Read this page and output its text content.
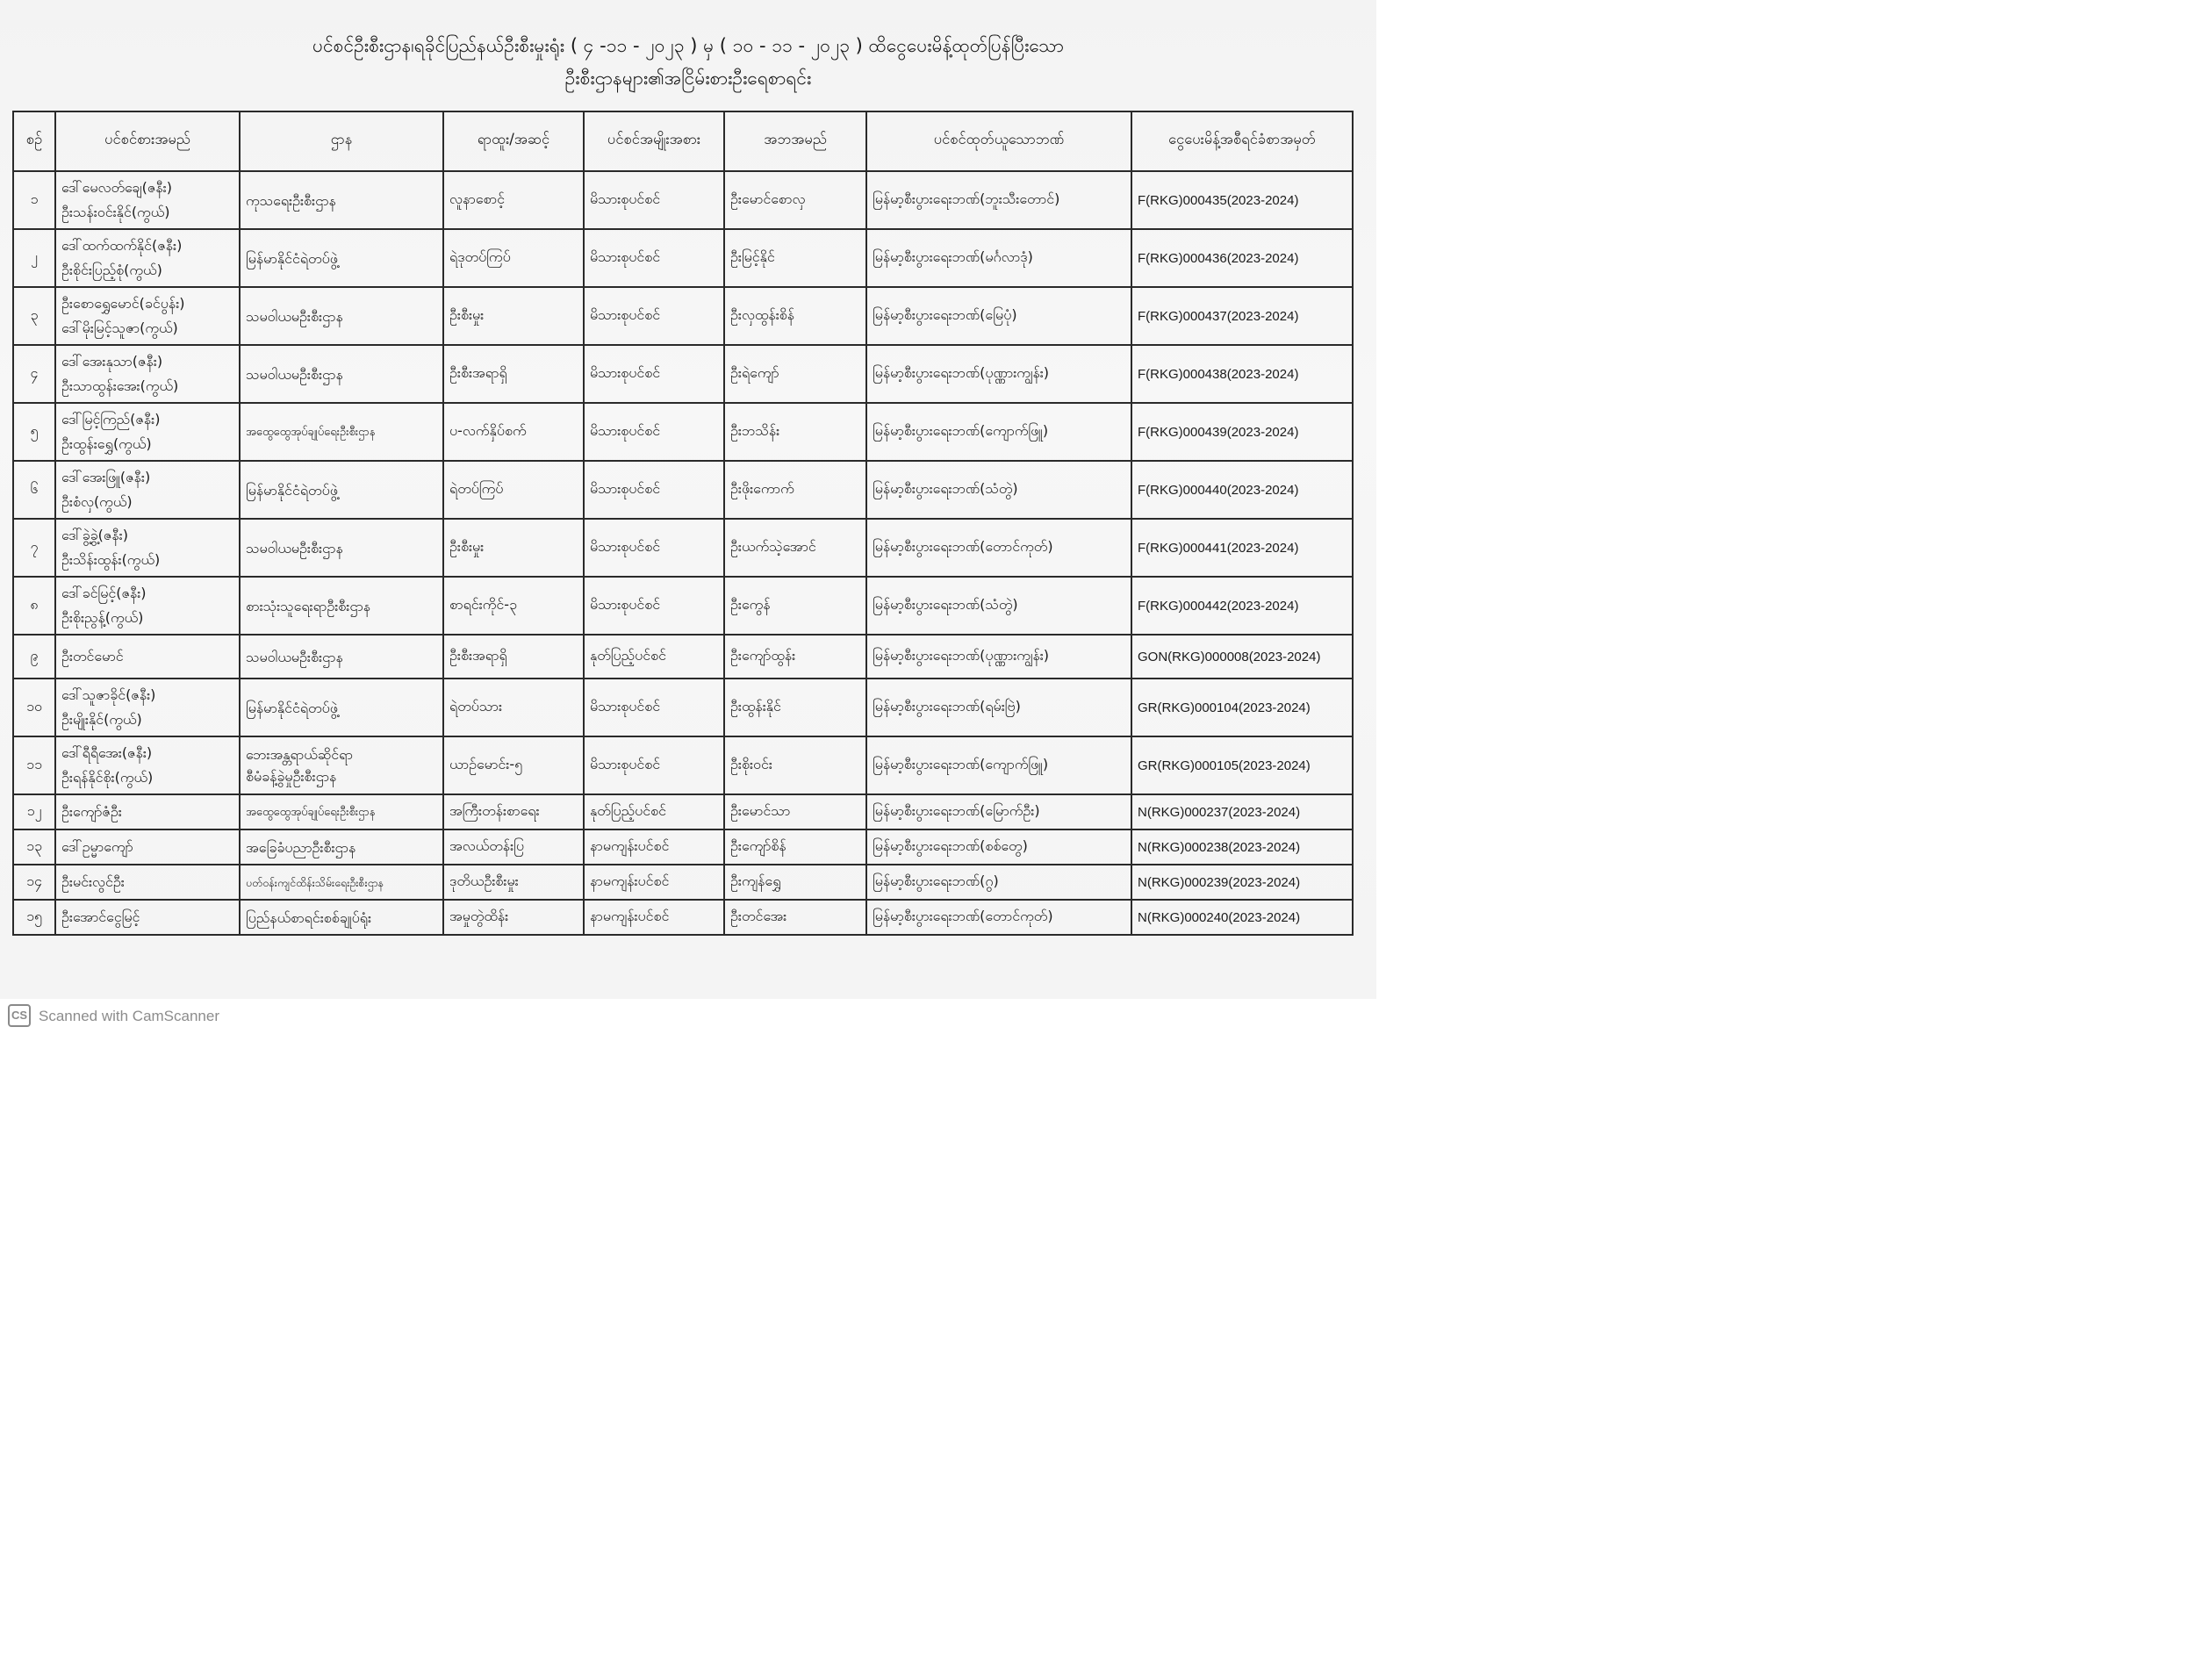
ပင်စင်ဦးစီးဌာန၊ရခိုင်ပြည်နယ်ဦးစီးမှုးရုံး ( ၄ -၁၁ - ၂၀၂၃ ) မှ ( ၁၀ - ၁၁ - ၂၀၂၃ ) ထိငွေပေးမိန့်ထုတ်ပြန်ပြီးသော
ဦးစီးဌာနများ၏အငြိမ်းစားဦးရေစာရင်း
စဉ်	ပင်စင်စားအမည်	ဌာန	ရာထူး/အဆင့်	ပင်စင်အမျိုးအစား	အဘအမည်	ပင်စင်ထုတ်ယူသောဘဏ်	ငွေပေးမိန့်အစီရင်ခံစာအမှတ်
၁	ဒေါ်မေလတ်ချေ(ဇနီး)
ဦးသန်းဝင်းနိုင်(ကွယ်)	ကုသရေးဦးစီးဌာန	လူနာစောင့်	မိသားစုပင်စင်	ဦးမောင်စောလှ	မြန်မာ့စီးပွားရေးဘဏ်(ဘူးသီးတောင်)	F(RKG)000435(2023-2024)
၂	ဒေါ်ထက်ထက်နိုင်(ဇနီး)
ဦးစိုင်းပြည့်စုံ(ကွယ်)	မြန်မာနိုင်ငံရဲတပ်ဖွဲ့	ရဲဒုတပ်ကြပ်	မိသားစုပင်စင်	ဦးမြင့်နိုင်	မြန်မာ့စီးပွားရေးဘဏ်(မင်္ဂလာဒုံ)	F(RKG)000436(2023-2024)
၃	ဦးစောရွှေမောင်(ခင်ပွန်း)
ဒေါ်မိုးမြင့်သူဇာ(ကွယ်)	သမဝါယမဦးစီးဌာန	ဦးစီးမှုး	မိသားစုပင်စင်	ဦးလှထွန်းစိန်	မြန်မာ့စီးပွားရေးဘဏ်(မြေပုံ)	F(RKG)000437(2023-2024)
၄	ဒေါ်အေးနုသာ(ဇနီး)
ဦးသာထွန်းအေး(ကွယ်)	သမဝါယမဦးစီးဌာန	ဦးစီးအရာရှိ	မိသားစုပင်စင်	ဦးရဲကျော်	မြန်မာ့စီးပွားရေးဘဏ်(ပုဏ္ဏားကျွန်း)	F(RKG)000438(2023-2024)
၅	ဒေါ်မြင့်ကြည်(ဇနီး)
ဦးထွန်းရွှေ(ကွယ်)	အထွေထွေအုပ်ချုပ်ရေးဦးစီးဌာန	ပ-လက်နှိပ်စက်	မိသားစုပင်စင်	ဦးဘသိန်း	မြန်မာ့စီးပွားရေးဘဏ်(ကျောက်ဖြူ)	F(RKG)000439(2023-2024)
၆	ဒေါ်အေးဖြူ(ဇနီး)
ဦးစံလှ(ကွယ်)	မြန်မာနိုင်ငံရဲတပ်ဖွဲ့	ရဲတပ်ကြပ်	မိသားစုပင်စင်	ဦးဖိုးကောက်	မြန်မာ့စီးပွားရေးဘဏ်(သံတွဲ)	F(RKG)000440(2023-2024)
၇	ဒေါ်ခွဲ့ခွဲ့(ဇနီး)
ဦးသိန်းထွန်း(ကွယ်)	သမဝါယမဦးစီးဌာန	ဦးစီးမှုး	မိသားစုပင်စင်	ဦးယက်သဲ့အောင်	မြန်မာ့စီးပွားရေးဘဏ်(တောင်ကုတ်)	F(RKG)000441(2023-2024)
၈	ဒေါ်ခင်မြင့်(ဇနီး)
ဦးစိုးညွန့်(ကွယ်)	စားသုံးသူရေးရာဦးစီးဌာန	စာရင်းကိုင်-၃	မိသားစုပင်စင်	ဦးကွေန်	မြန်မာ့စီးပွားရေးဘဏ်(သံတွဲ)	F(RKG)000442(2023-2024)
၉	ဦးတင်မောင်	သမဝါယမဦးစီးဌာန	ဦးစီးအရာရှိ	နုတ်ပြည့်ပင်စင်	ဦးကျော်ထွန်း	မြန်မာ့စီးပွားရေးဘဏ်(ပုဏ္ဏားကျွန်း)	GON(RKG)000008(2023-2024)
၁၀	ဒေါ်သူဇာခိုင်(ဇနီး)
ဦးမျိုးနိုင်(ကွယ်)	မြန်မာနိုင်ငံရဲတပ်ဖွဲ့	ရဲတပ်သား	မိသားစုပင်စင်	ဦးထွန်းနိုင်	မြန်မာ့စီးပွားရေးဘဏ်(ရမ်းဗြဲ)	GR(RKG)000104(2023-2024)
၁၁	ဒေါ်ရီရီအေး(ဇနီး)
ဦးရန်နိုင်စိုး(ကွယ်)	ဘေးအန္တရာယ်ဆိုင်ရာ
စီမံခန့်ခွဲမှုဦးစီးဌာန	ယာဉ်မောင်း-၅	မိသားစုပင်စင်	ဦးစိုးဝင်း	မြန်မာ့စီးပွားရေးဘဏ်(ကျောက်ဖြူ)	GR(RKG)000105(2023-2024)
၁၂	ဦးကျော်ဇံဦး	အထွေထွေအုပ်ချုပ်ရေးဦးစီးဌာန	အကြီးတန်းစာရေး	နုတ်ပြည့်ပင်စင်	ဦးမောင်သာ	မြန်မာ့စီးပွားရေးဘဏ်(မြောက်ဦး)	N(RKG)000237(2023-2024)
၁၃	ဒေါ်ဥမ္မာကျော်	အခြေခံပညာဦးစီးဌာန	အလယ်တန်းပြ	နာမကျန်းပင်စင်	ဦးကျော်စိန်	မြန်မာ့စီးပွားရေးဘဏ်(စစ်တွေ)	N(RKG)000238(2023-2024)
၁၄	ဦးမင်းလွင်ဦး	ပတ်ဝန်းကျင်ထိန်းသိမ်းရေးဦးစီးဌာန	ဒုတိယဦးစီးမှုး	နာမကျန်းပင်စင်	ဦးကျန်ရွှေ	မြန်မာ့စီးပွားရေးဘဏ်(ဂွ)	N(RKG)000239(2023-2024)
၁၅	ဦးအောင်ငွေမြင့်	ပြည်နယ်စာရင်းစစ်ချုပ်ရုံး	အမှုတွဲထိန်း	နာမကျန်းပင်စင်	ဦးတင်အေး	မြန်မာ့စီးပွားရေးဘဏ်(တောင်ကုတ်)	N(RKG)000240(2023-2024)
CS Scanned with CamScanner
